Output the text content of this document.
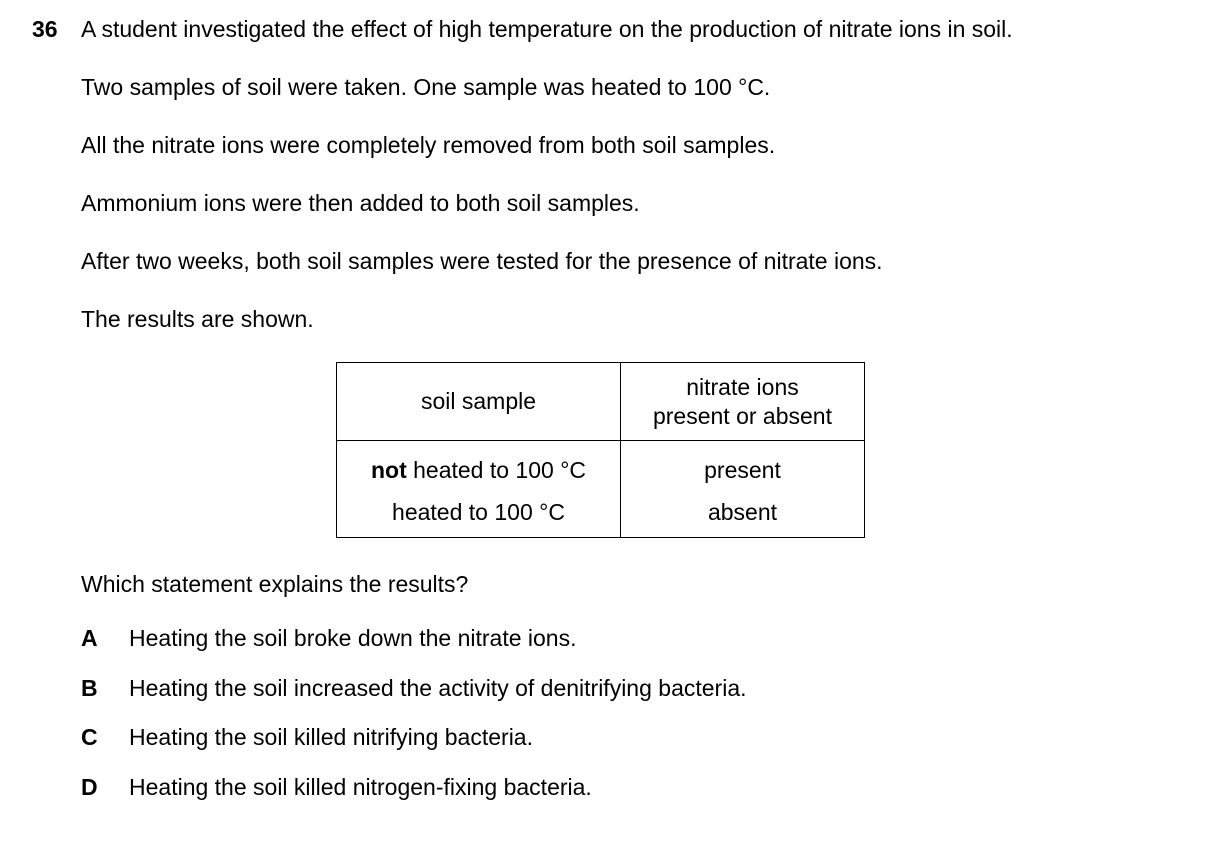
36 A student investigated the effect of high temperature on the production of nitrate ions in soil.
Two samples of soil were taken. One sample was heated to 100 °C.
All the nitrate ions were completely removed from both soil samples.
Ammonium ions were then added to both soil samples.
After two weeks, both soil samples were tested for the presence of nitrate ions.
The results are shown.
soil sample	nitrate ions
present or absent
not heated to 100 °C	present
heated to 100 °C	absent
Which statement explains the results?
A Heating the soil broke down the nitrate ions.
B Heating the soil increased the activity of denitrifying bacteria.
C Heating the soil killed nitrifying bacteria.
D Heating the soil killed nitrogen-fixing bacteria.
